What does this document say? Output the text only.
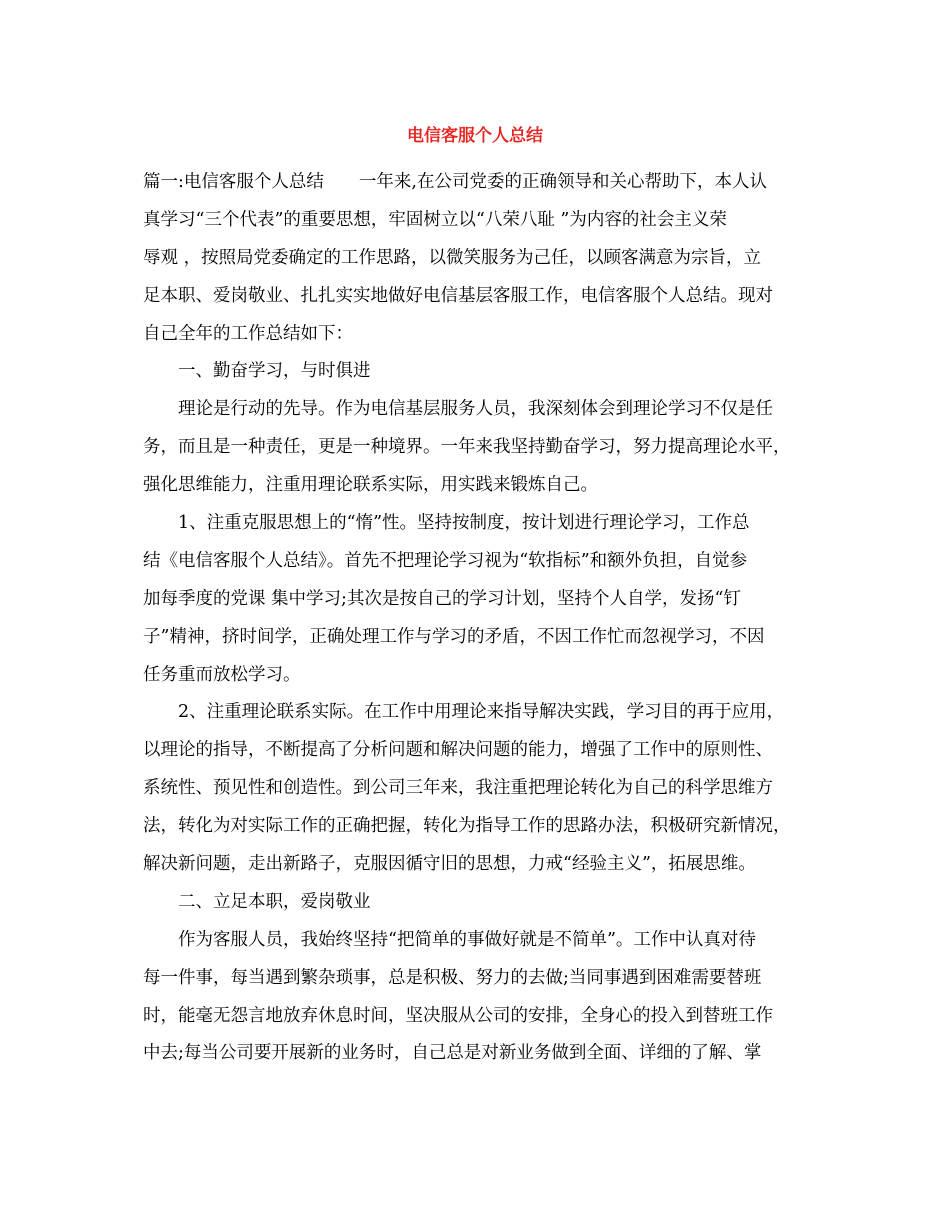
电信客服个人总结
篇一:电信客服个人总结　　一年来,在公司党委的正确领导和关心帮助下，本人认
真学习“三个代表”的重要思想，牢固树立以“八荣八耻 ”为内容的社会主义荣
辱观 ，按照局党委确定的工作思路，以微笑服务为己任，以顾客满意为宗旨，立
足本职、爱岗敬业、扎扎实实地做好电信基层客服工作，电信客服个人总结。现对
自己全年的工作总结如下：
一、勤奋学习，与时俱进
理论是行动的先导。作为电信基层服务人员，我深刻体会到理论学习不仅是任
务，而且是一种责任，更是一种境界。一年来我坚持勤奋学习，努力提高理论水平，
强化思维能力，注重用理论联系实际，用实践来锻炼自己。
1、注重克服思想上的“惰”性。坚持按制度，按计划进行理论学习，工作总
结《电信客服个人总结》。首先不把理论学习视为“软指标”和额外负担，自觉参
加每季度的党课 集中学习;其次是按自己的学习计划，坚持个人自学，发扬“钉
子”精神，挤时间学，正确处理工作与学习的矛盾，不因工作忙而忽视学习，不因
任务重而放松学习。
2、注重理论联系实际。在工作中用理论来指导解决实践，学习目的再于应用，
以理论的指导，不断提高了分析问题和解决问题的能力，增强了工作中的原则性、
系统性、预见性和创造性。到公司三年来，我注重把理论转化为自己的科学思维方
法，转化为对实际工作的正确把握，转化为指导工作的思路办法，积极研究新情况，
解决新问题，走出新路子，克服因循守旧的思想，力戒“经验主义”，拓展思维。
二、立足本职，爱岗敬业
作为客服人员，我始终坚持“把简单的事做好就是不简单”。工作中认真对待
每一件事，每当遇到繁杂琐事，总是积极、努力的去做;当同事遇到困难需要替班
时，能毫无怨言地放弃休息时间，坚决服从公司的安排，全身心的投入到替班工作
中去;每当公司要开展新的业务时，自己总是对新业务做到全面、详细的了解、掌
